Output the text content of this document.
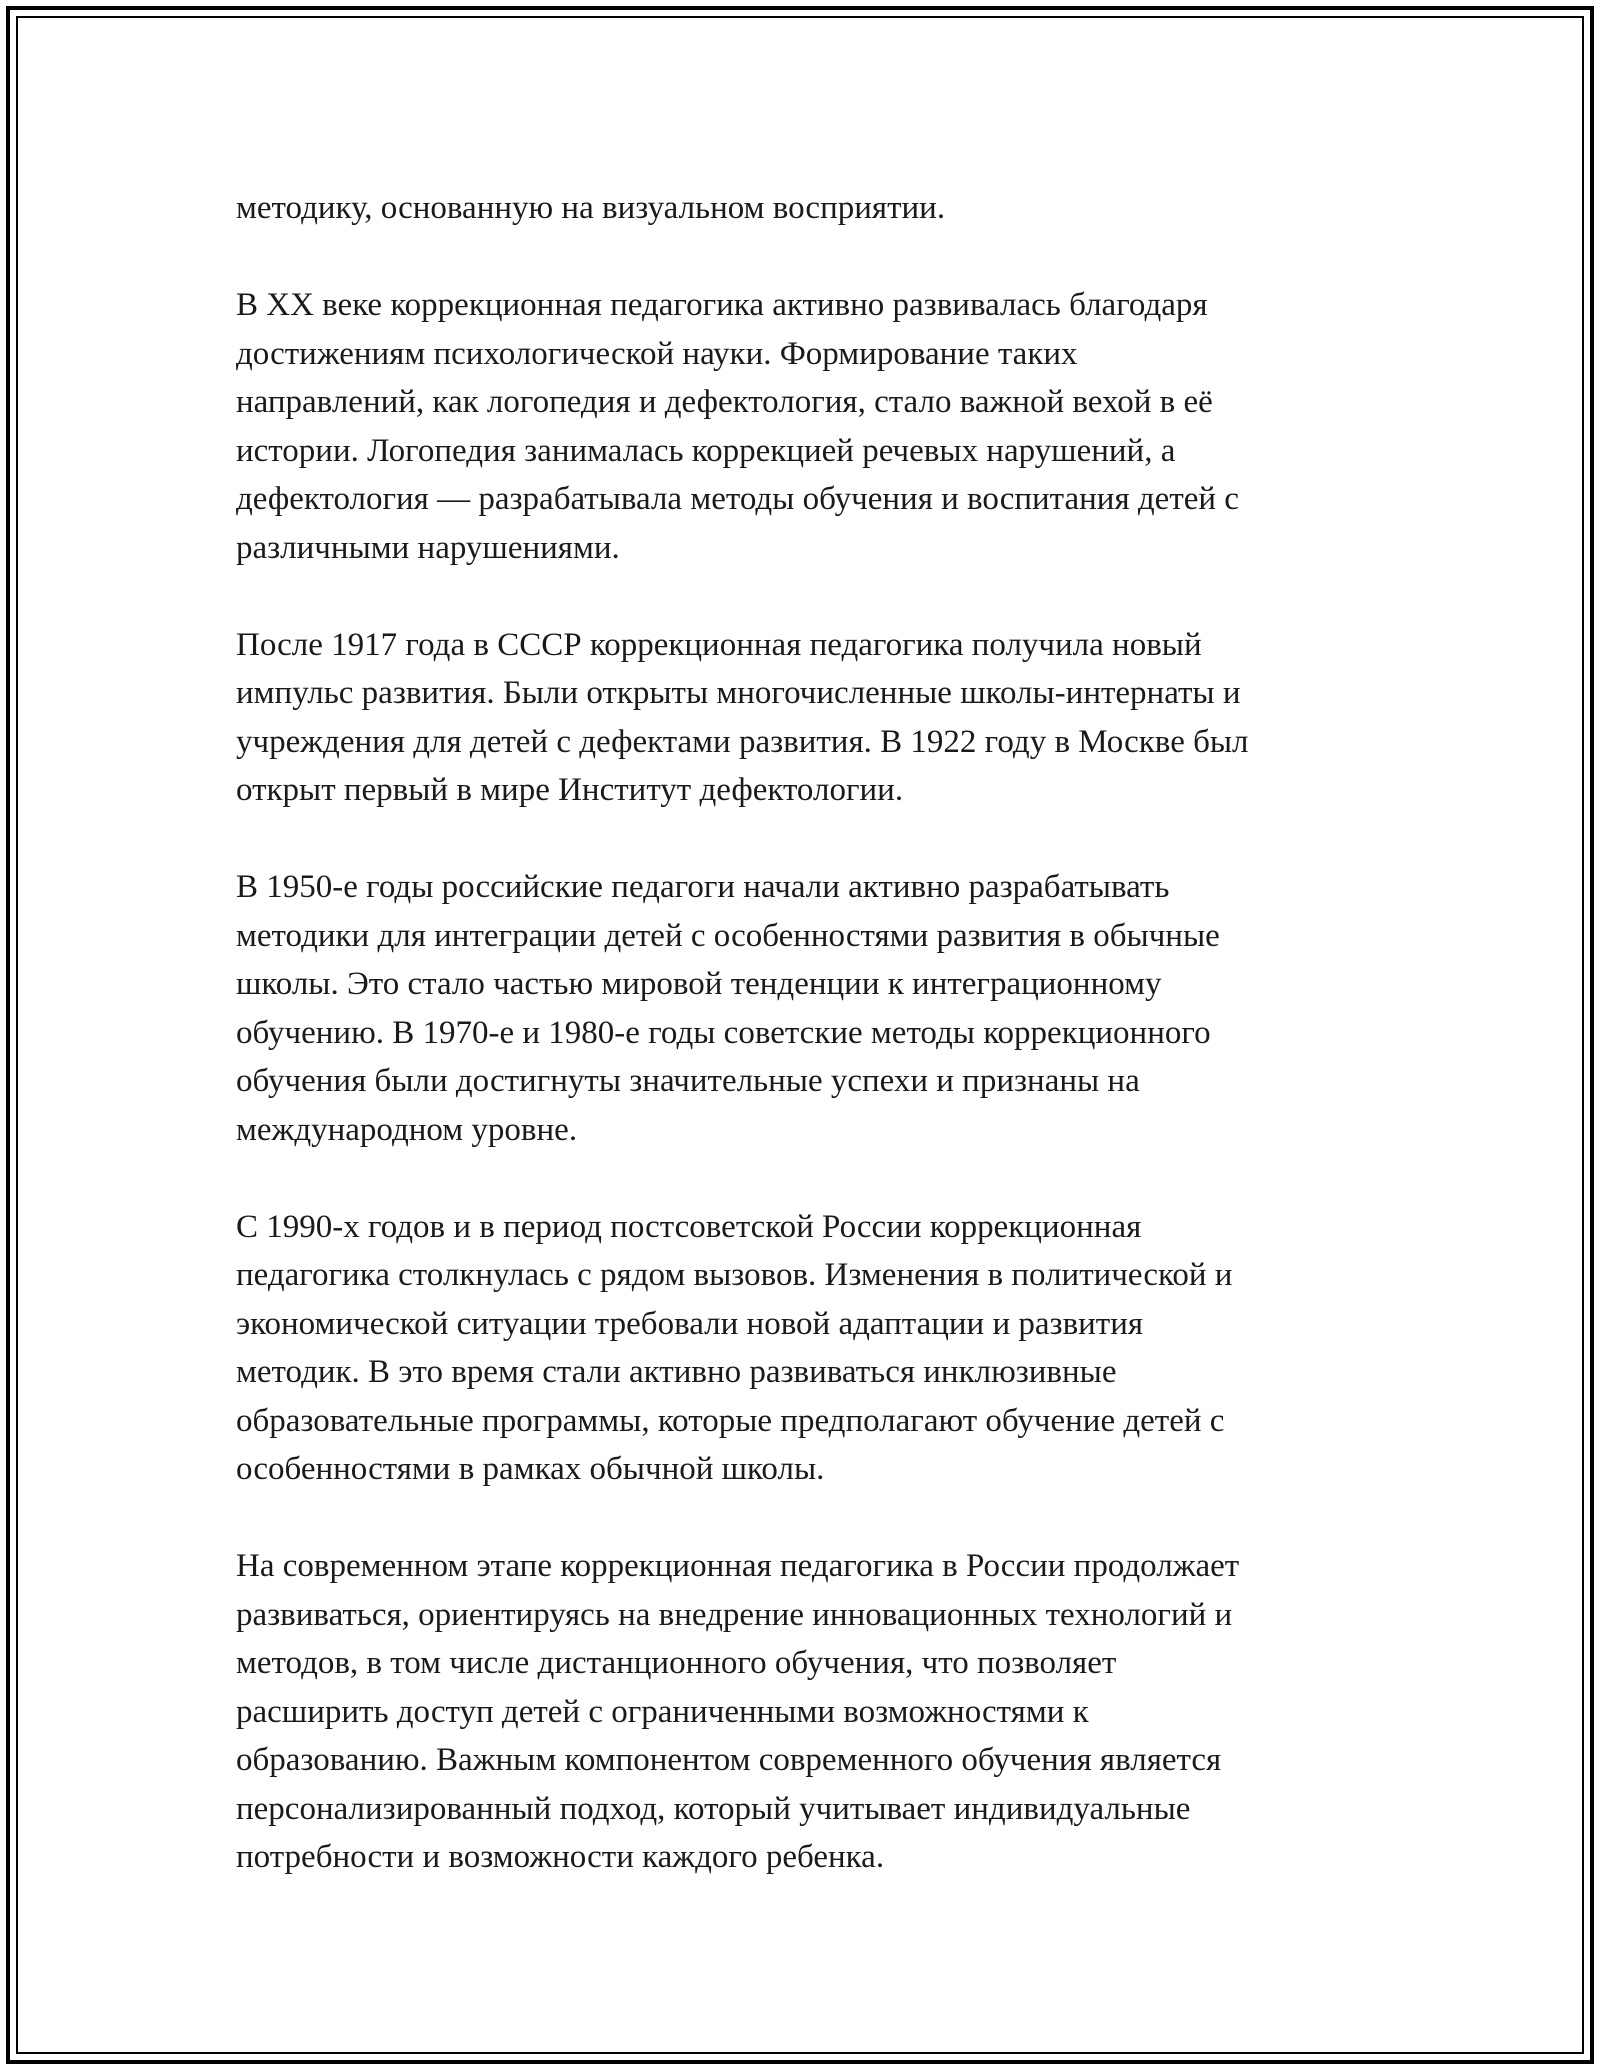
методику, основанную на визуальном восприятии.

В XX веке коррекционная педагогика активно развивалась благодаря
достижениям психологической науки. Формирование таких
направлений, как логопедия и дефектология, стало важной вехой в её
истории. Логопедия занималась коррекцией речевых нарушений, а
дефектология — разрабатывала методы обучения и воспитания детей с
различными нарушениями.

После 1917 года в СССР коррекционная педагогика получила новый
импульс развития. Были открыты многочисленные школы-интернаты и
учреждения для детей с дефектами развития. В 1922 году в Москве был
открыт первый в мире Институт дефектологии.

В 1950-е годы российские педагоги начали активно разрабатывать
методики для интеграции детей с особенностями развития в обычные
школы. Это стало частью мировой тенденции к интеграционному
обучению. В 1970-е и 1980-е годы советские методы коррекционного
обучения были достигнуты значительные успехи и признаны на
международном уровне.

С 1990-х годов и в период постсоветской России коррекционная
педагогика столкнулась с рядом вызовов. Изменения в политической и
экономической ситуации требовали новой адаптации и развития
методик. В это время стали активно развиваться инклюзивные
образовательные программы, которые предполагают обучение детей с
особенностями в рамках обычной школы.

На современном этапе коррекционная педагогика в России продолжает
развиваться, ориентируясь на внедрение инновационных технологий и
методов, в том числе дистанционного обучения, что позволяет
расширить доступ детей с ограниченными возможностями к
образованию. Важным компонентом современного обучения является
персонализированный подход, который учитывает индивидуальные
потребности и возможности каждого ребенка.
